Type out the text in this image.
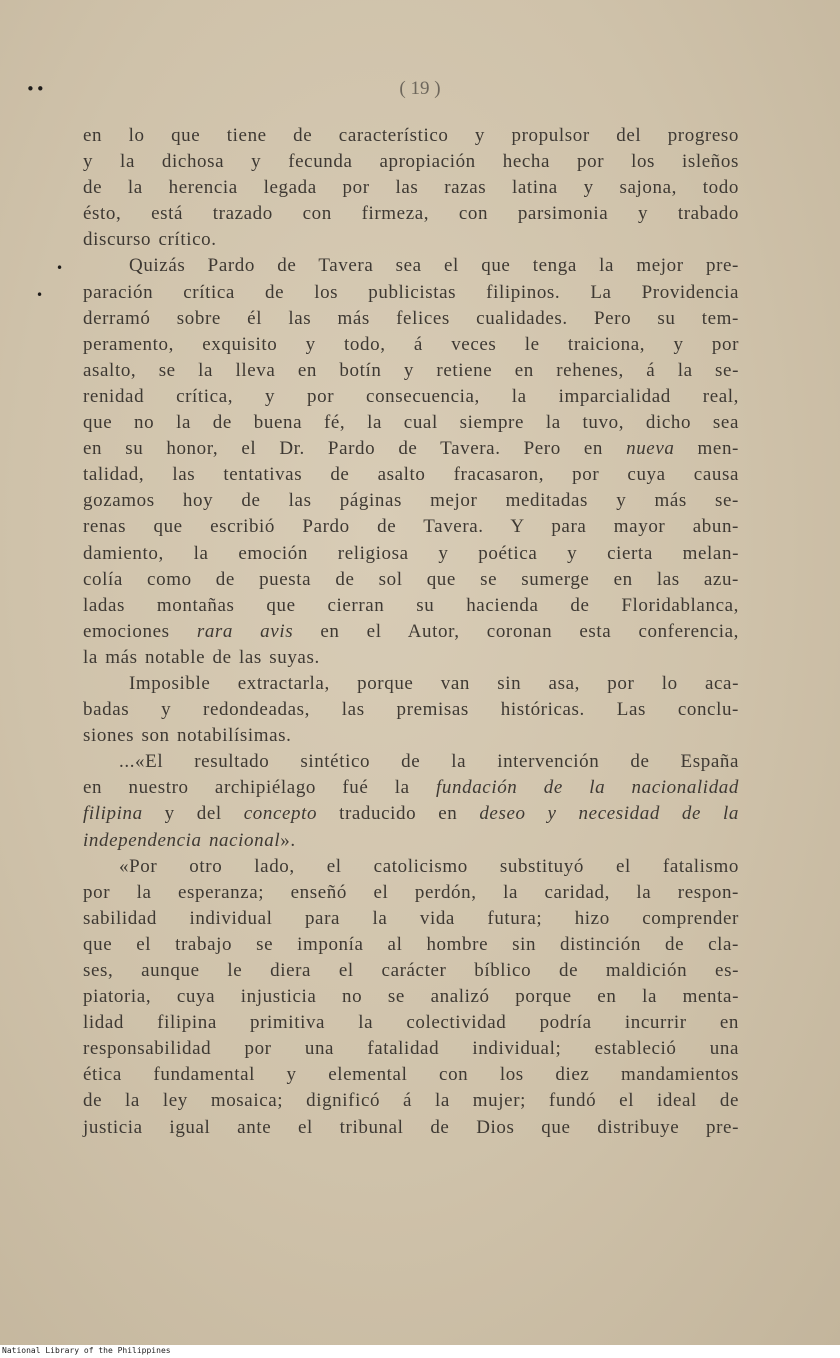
••
•
•
( 19 )
en lo que tiene de característico y propulsor del progreso
y la dichosa y fecunda apropiación hecha por los isleños
de la herencia legada por las razas latina y sajona, todo
ésto, está trazado con firmeza, con parsimonia y trabado
discurso crítico.
Quizás Pardo de Tavera sea el que tenga la mejor pre-
paración crítica de los publicistas filipinos. La Providencia
derramó sobre él las más felices cualidades. Pero su tem-
peramento, exquisito y todo, á veces le traiciona, y por
asalto, se la lleva en botín y retiene en rehenes, á la se-
renidad crítica, y por consecuencia, la imparcialidad real,
que no la de buena fé, la cual siempre la tuvo, dicho sea
en su honor, el Dr. Pardo de Tavera. Pero en nueva men-
talidad, las tentativas de asalto fracasaron, por cuya causa
gozamos hoy de las páginas mejor meditadas y más se-
renas que escribió Pardo de Tavera. Y para mayor abun-
damiento, la emoción religiosa y poética y cierta melan-
colía como de puesta de sol que se sumerge en las azu-
ladas montañas que cierran su hacienda de Floridablanca,
emociones rara avis en el Autor, coronan esta conferencia,
la más notable de las suyas.
Imposible extractarla, porque van sin asa, por lo aca-
badas y redondeadas, las premisas históricas. Las conclu-
siones son notabilísimas.
...«El resultado sintético de la intervención de España
en nuestro archipiélago fué la fundación de la nacionalidad
filipina y del concepto traducido en deseo y necesidad de la
independencia nacional».
«Por otro lado, el catolicismo substituyó el fatalismo
por la esperanza; enseñó el perdón, la caridad, la respon-
sabilidad individual para la vida futura; hizo comprender
que el trabajo se imponía al hombre sin distinción de cla-
ses, aunque le diera el carácter bíblico de maldición es-
piatoria, cuya injusticia no se analizó porque en la menta-
lidad filipina primitiva la colectividad podría incurrir en
responsabilidad por una fatalidad individual; estableció una
ética fundamental y elemental con los diez mandamientos
de la ley mosaica; dignificó á la mujer; fundó el ideal de
justicia igual ante el tribunal de Dios que distribuye pre-
National Library of the Philippines
